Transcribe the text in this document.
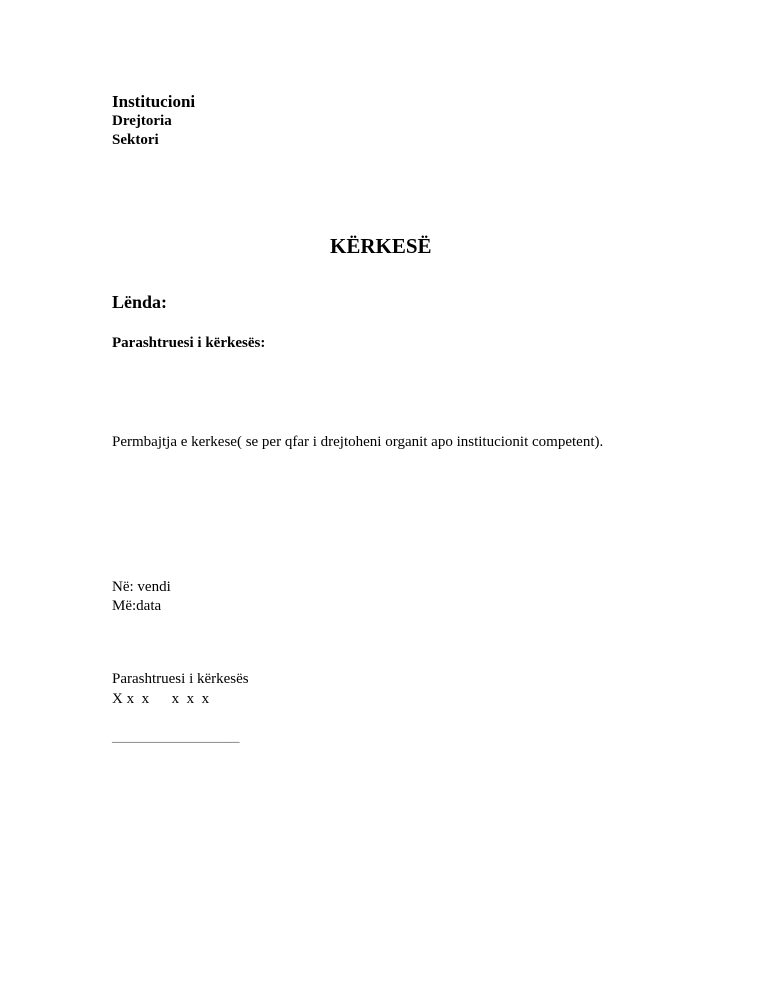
Institucioni
Drejtoria
Sektori
KËRKESË
Lënda:
Parashtruesi i kërkesës:
Permbajtja e kerkese( se per qfar i drejtoheni organit apo institucionit competent).
Në: vendi
Më:data
Parashtruesi i kërkesës
X x  x      x  x  x
_________________
